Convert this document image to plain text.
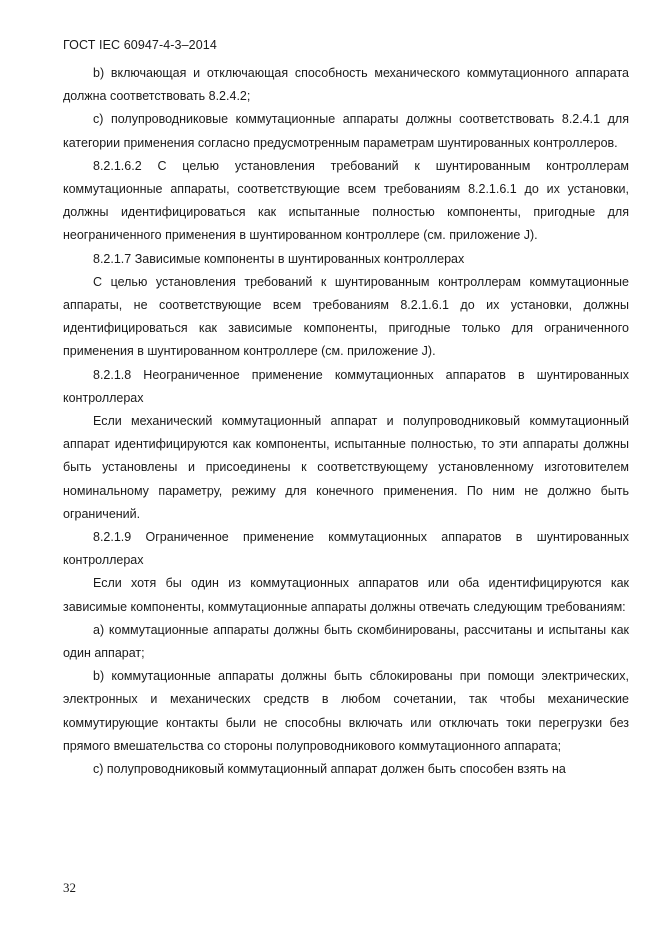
ГОСТ IEC 60947-4-3–2014

b) включающая и отключающая способность механического коммутационного аппарата должна соответствовать 8.2.4.2;

c) полупроводниковые коммутационные аппараты должны соответствовать 8.2.4.1 для категории применения согласно предусмотренным параметрам шунтированных контроллеров.

8.2.1.6.2 С целью установления требований к шунтированным контроллерам коммутационные аппараты, соответствующие всем требованиям 8.2.1.6.1 до их установки, должны идентифицироваться как испытанные полностью компоненты, пригодные для неограниченного применения в шунтированном контроллере (см. приложение J).

8.2.1.7 Зависимые компоненты в шунтированных контроллерах

С целью установления требований к шунтированным контроллерам коммутационные аппараты, не соответствующие всем требованиям 8.2.1.6.1 до их установки, должны идентифицироваться как зависимые компоненты, пригодные только для ограниченного применения в шунтированном контроллере (см. приложение J).

8.2.1.8 Неограниченное применение коммутационных аппаратов в шунтированных контроллерах

Если механический коммутационный аппарат и полупроводниковый коммутационный аппарат идентифицируются как компоненты, испытанные полностью, то эти аппараты должны быть установлены и присоединены к соответствующему установленному изготовителем номинальному параметру, режиму для конечного применения. По ним не должно быть ограничений.

8.2.1.9 Ограниченное применение коммутационных аппаратов в шунтированных контроллерах

Если хотя бы один из коммутационных аппаратов или оба идентифицируются как зависимые компоненты, коммутационные аппараты должны отвечать следующим требованиям:

a) коммутационные аппараты должны быть скомбинированы, рассчитаны и испытаны как один аппарат;

b) коммутационные аппараты должны быть сблокированы при помощи электрических, электронных и механических средств в любом сочетании, так чтобы механические коммутирующие контакты были не способны включать или отключать токи перегрузки без прямого вмешательства со стороны полупроводникового коммутационного аппарата;

c) полупроводниковый коммутационный аппарат должен быть способен взять на

32
